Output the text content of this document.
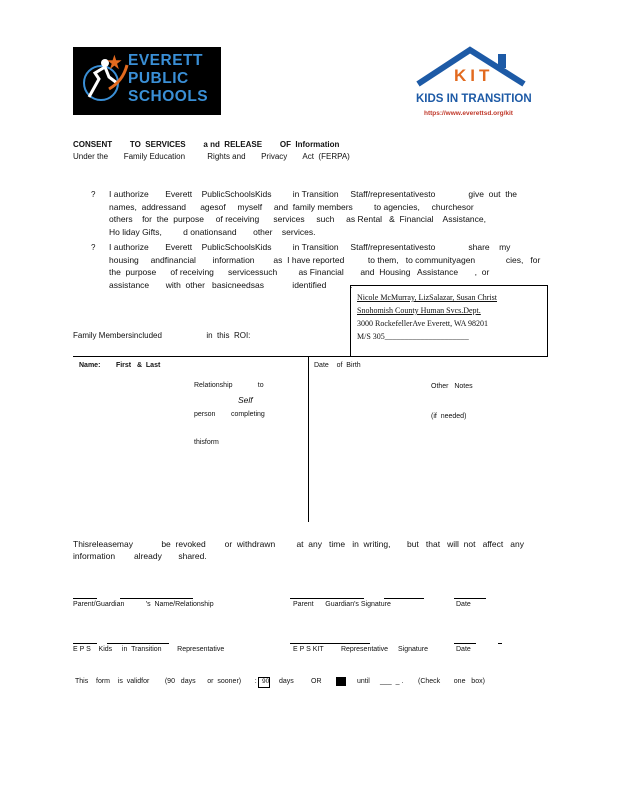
EVERETT
PUBLIC
SCHOOLS
KIT
KIDS IN TRANSITION
https://www.everettsd.org/kit
CONSENT        TO  SERVICES        a nd  RELEASE        OF  Information
Under the       Family Education          Rights and       Privacy       Act  (FERPA)
? I authorize       Everett    PublicSchoolsKids         in Transition     Staff/representativesto              give  out  the
names,  addressand      agesof     myself     and  family members         to agencies,     churchesor
others    for  the  purpose     of receiving      services     such     as Rental   &  Financial    Assistance,
Ho liday Gifts,         d onationsand       other    services.
? I authorize       Everett    PublicSchoolsKids         in Transition     Staff/representativesto              share    my
housing     andfinancial       information        as  I have reported          to them,   to communityagen             cies,   for
the  purpose      of receiving      servicessuch         as Financial       and  Housing   Assistance       ,  or
assistance       with  other   basicneedsas            identified          .
Nicole McMurray, LizSalazar, Susan Christ
Snohomish County Human Svcs.Dept.
3000 RockefellerAve Everett, WA 98201
M/S 305_____________________
Family Membersincluded                    in  this  ROI:
Name:        First   &  Last

Relationship             to

person        completing

thisform

Self
Date    of  Birth

Other   Notes

(if  needed)

Thisreleasemay            be  revoked        or  withdrawn         at  any   time   in  writing,       but   that   will  not   affect   any
information        already       shared.
Parent/Guardian           's  Name/Relationship	Parent      Guardian's Signature	Date
E P S    Kids     in  Transition        Representative	E P S KIT         Representative Signature	Date
This    form    is  validfor        (90   days      or  sooner)       : 90 days OR	until ___  _ . (Check       one   box)
